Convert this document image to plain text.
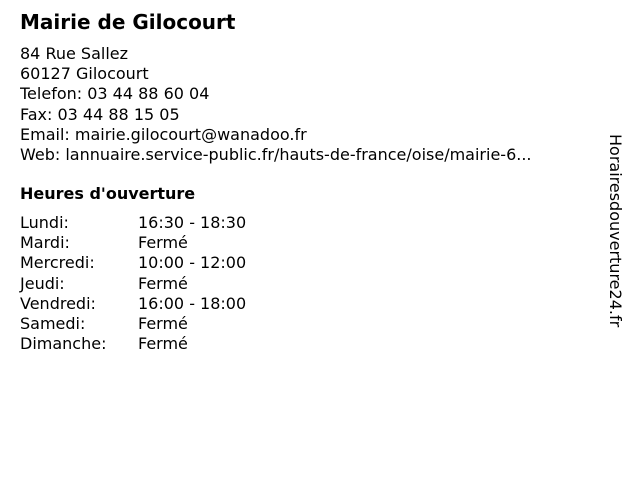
Mairie de Gilocourt
84 Rue Sallez
60127 Gilocourt
Telefon: 03 44 88 60 04
Fax: 03 44 88 15 05
Email: mairie.gilocourt@wanadoo.fr
Web: lannuaire.service-public.fr/hauts-de-france/oise/mairie-6...
Heures d'ouverture
Lundi:	16:30 - 18:30
Mardi:	Fermé
Mercredi:	10:00 - 12:00
Jeudi:	Fermé
Vendredi:	16:00 - 18:00
Samedi:	Fermé
Dimanche:	Fermé
Horairesdouverture24.fr
